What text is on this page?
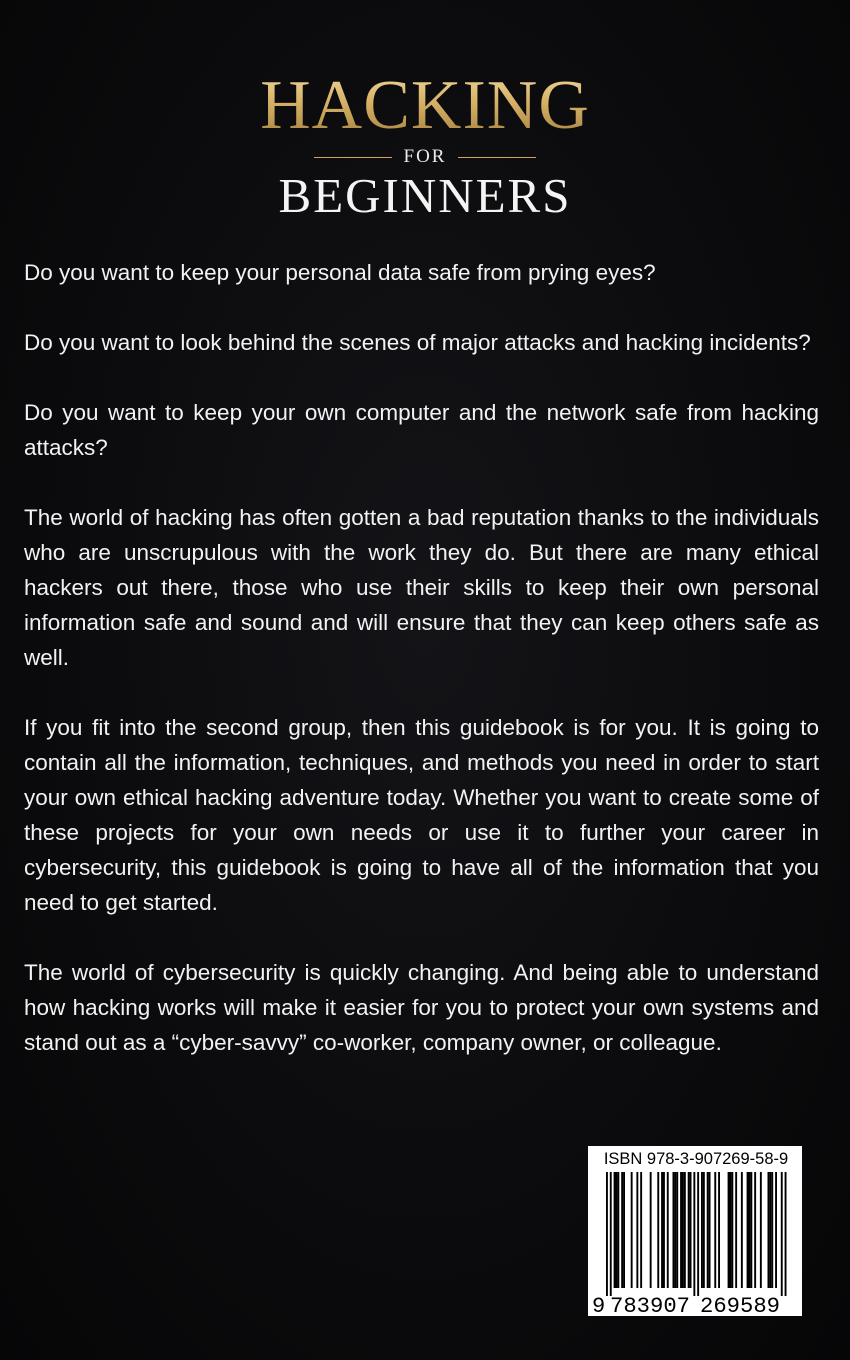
HACKING
FOR
BEGINNERS

Do you want to keep your personal data safe from prying eyes?

Do you want to look behind the scenes of major attacks and hacking incidents?

Do you want to keep your own computer and the network safe from hacking attacks?

The world of hacking has often gotten a bad reputation thanks to the individuals who are unscrupulous with the work they do. But there are many ethical hackers out there, those who use their skills to keep their own personal information safe and sound and will ensure that they can keep others safe as well.

If you fit into the second group, then this guidebook is for you. It is going to contain all the information, techniques, and methods you need in order to start your own ethical hacking adventure today. Whether you want to create some of these projects for your own needs or use it to further your career in cybersecurity, this guidebook is going to have all of the information that you need to get started.

The world of cybersecurity is quickly changing. And being able to understand how hacking works will make it easier for you to protect your own systems and stand out as a “cyber-savvy” co-worker, company owner, or colleague.

ISBN 978-3-907269-58-9
9 783907 269589
